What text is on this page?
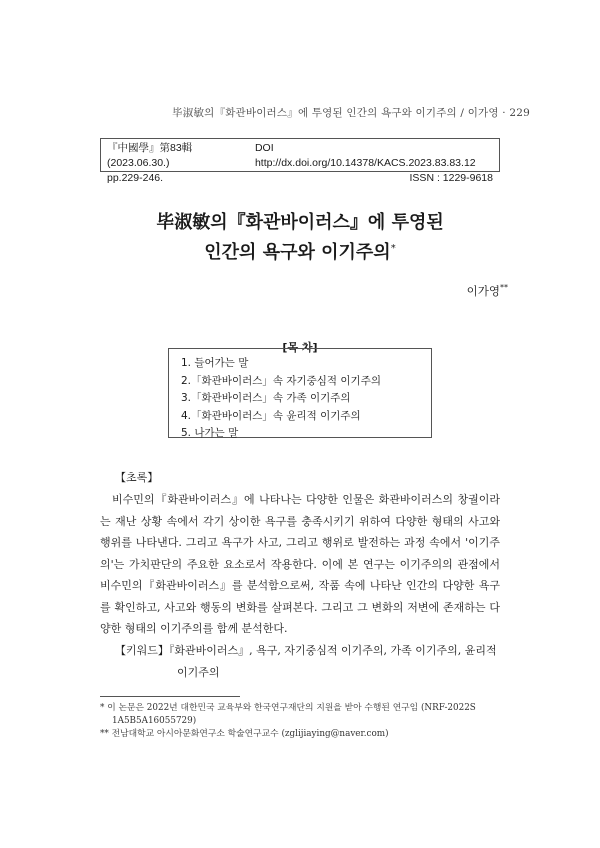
毕淑敏의『화관바이러스』에 투영된 인간의 욕구와 이기주의 / 이가영 · 229
『中國學』第83輯 (2023.06.30.)
DOI http://dx.doi.org/10.14378/KACS.2023.83.83.12
pp.229-246.	ISSN : 1229-9618
毕淑敏의『화관바이러스』에 투영된
인간의 욕구와 이기주의*
이가영**
[목 차]
1. 들어가는 말
2.「화관바이러스」속 자기중심적 이기주의
3.「화관바이러스」속 가족 이기주의
4.「화관바이러스」속 윤리적 이기주의
5. 나가는 말
【초록】
비수민의『화관바이러스』에 나타나는 다양한 인물은 화관바이러스의 창궐이라는 재난 상황 속에서 각기 상이한 욕구를 충족시키기 위하여 다양한 형태의 사고와 행위를 나타낸다. 그리고 욕구가 사고, 그리고 행위로 발전하는 과정 속에서 '이기주의'는 가치판단의 주요한 요소로서 작용한다. 이에 본 연구는 이기주의의 관점에서 비수민의『화관바이러스』를 분석함으로써, 작품 속에 나타난 인간의 다양한 욕구를 확인하고, 사고와 행동의 변화를 살펴본다. 그리고 그 변화의 저변에 존재하는 다양한 형태의 이기주의를 함께 분석한다.
【키워드】『화관바이러스』, 욕구, 자기중심적 이기주의, 가족 이기주의, 윤리적 이기주의
* 이 논문은 2022년 대한민국 교육부와 한국연구재단의 지원을 받아 수행된 연구임 (NRF-2022S
1A5B5A16055729)
** 전남대학교 아시아문화연구소 학술연구교수 (zglijiaying@naver.com)
